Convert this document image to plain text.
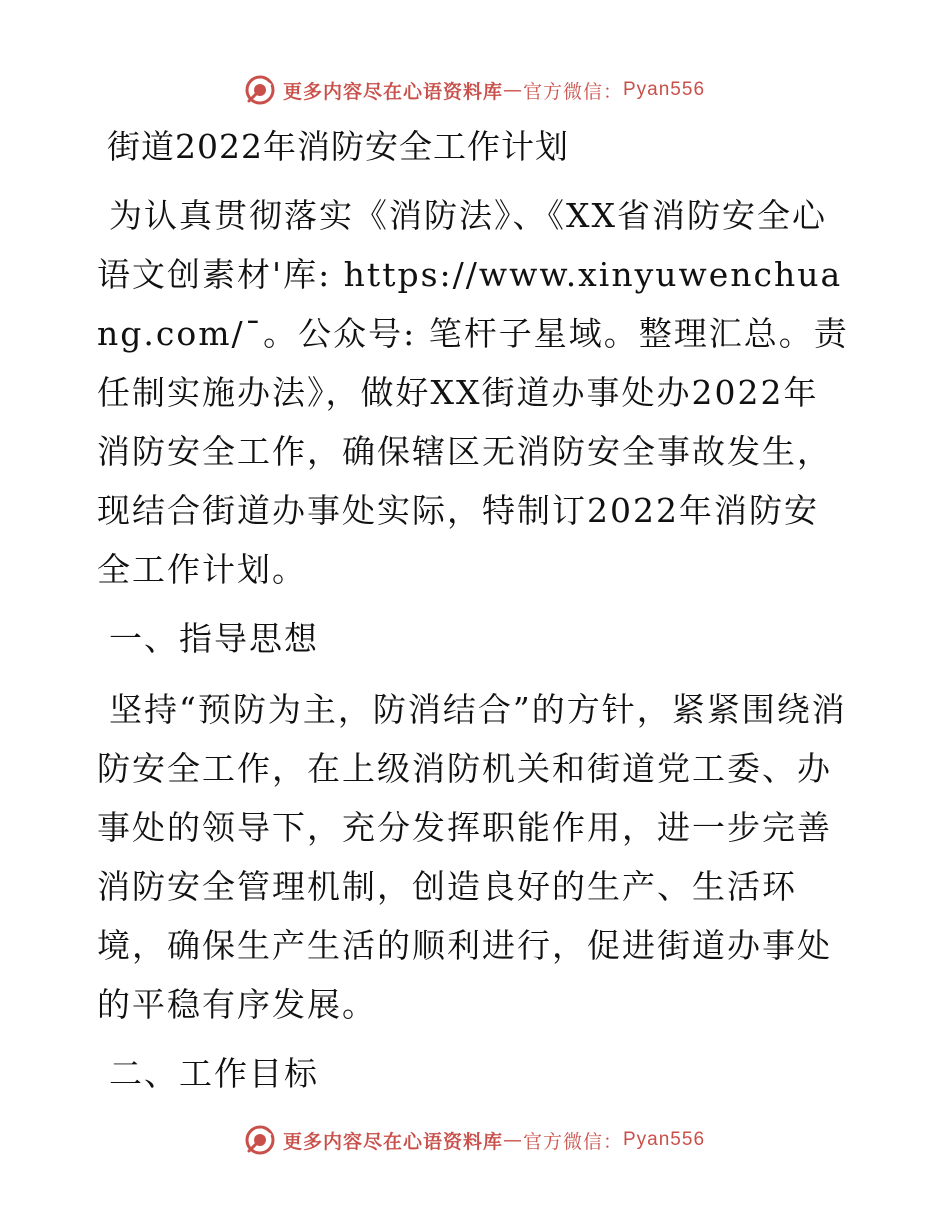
更多内容尽在心语资料库 — 官方微信： Pyan556
街道2022年消防安全工作计划
为认真贯彻落实《消防法》、《XX省消防安全心语文创素材'库: https://www.xinyuwenchuang.com/¯。公众号: 笔杆子星域。整理汇总。责任制实施办法》，做好XX街道办事处办2022年消防安全工作，确保辖区无消防安全事故发生，现结合街道办事处实际，特制订2022年消防安全工作计划。
一、指导思想
坚持“预防为主，防消结合”的方针，紧紧围绕消防安全工作，在上级消防机关和街道党工委、办事处的领导下，充分发挥职能作用，进一步完善消防安全管理机制，创造良好的生产、生活环境，确保生产生活的顺利进行，促进街道办事处的平稳有序发展。
二、工作目标
更多内容尽在心语资料库 — 官方微信： Pyan556
